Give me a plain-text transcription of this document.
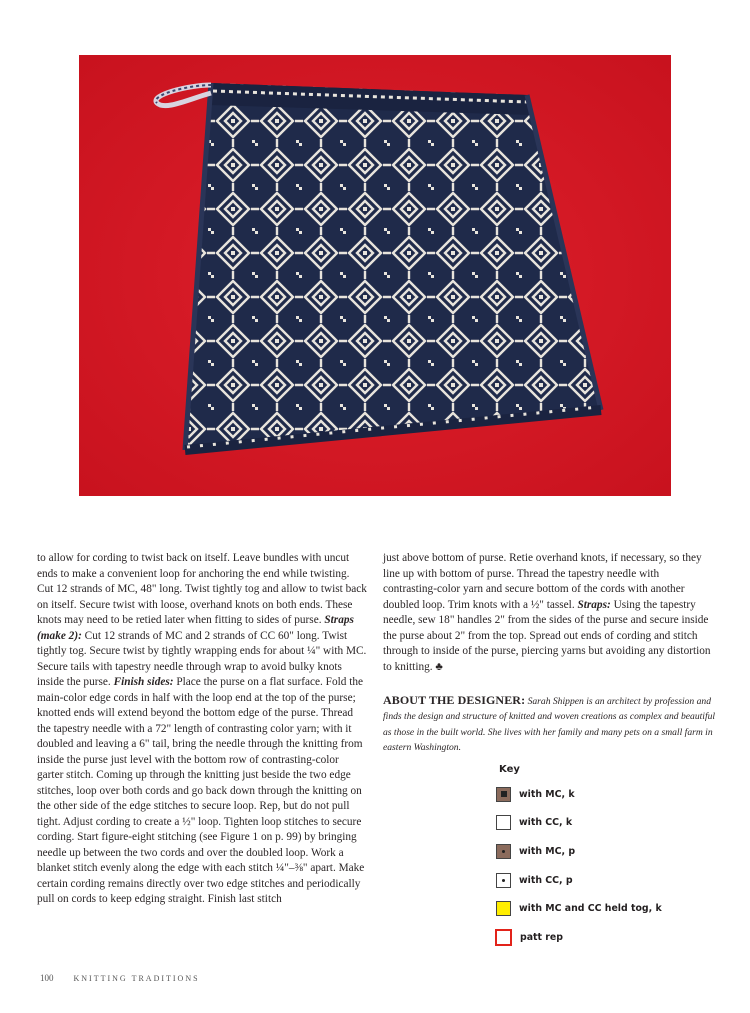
to allow for cording to twist back on itself. Leave bundles with uncut ends to make a convenient loop for anchoring the end while twisting. Cut 12 strands of MC, 48" long. Twist tightly tog and allow to twist back on itself. Secure twist with loose, overhand knots on both ends. These knots may need to be retied later when fitting to sides of purse. Straps (make 2): Cut 12 strands of MC and 2 strands of CC 60" long. Twist tightly tog. Secure twist by tightly wrapping ends for about ¼" with MC. Secure tails with tapestry needle through wrap to avoid bulky knots inside the purse. Finish sides: Place the purse on a flat surface. Fold the main-color edge cords in half with the loop end at the top of the purse; knotted ends will extend beyond the bottom edge of the purse. Thread the tapestry needle with a 72" length of contrasting color yarn; with it doubled and leaving a 6" tail, bring the needle through the knitting from inside the purse just level with the bottom row of contrasting-color garter stitch. Coming up through the knitting just beside the two edge stitches, loop over both cords and go back down through the knitting on the other side of the edge stitches to secure loop. Rep, but do not pull tight. Adjust cording to create a ½" loop. Tighten loop stitches to secure cording. Start figure-eight stitching (see Figure 1 on p. 99) by bringing needle up between the two cords and over the doubled loop. Work a blanket stitch evenly along the edge with each stitch ¼"–⅜" apart. Make certain cording remains directly over two edge stitches and periodically pull on cords to keep edging straight. Finish last stitch

just above bottom of purse. Retie overhand knots, if necessary, so they line up with bottom of purse. Thread the tapestry needle with contrasting-color yarn and secure bottom of the cords with another doubled loop. Trim knots with a ½" tassel. Straps: Using the tapestry needle, sew 18" handles 2" from the sides of the purse and secure inside the purse about 2" from the top. Spread out ends of cording and stitch through to inside of the purse, piercing yarns but avoiding any distortion to knitting. ♣

ABOUT THE DESIGNER: Sarah Shippen is an architect by profession and finds the design and structure of knitted and woven creations as complex and beautiful as those in the built world. She lives with her family and many pets on a small farm in eastern Washington.
Key
with MC, k
with CC, k
with MC, p
with CC, p
with MC and CC held tog, k
patt rep
100	KNITTING TRADITIONS
